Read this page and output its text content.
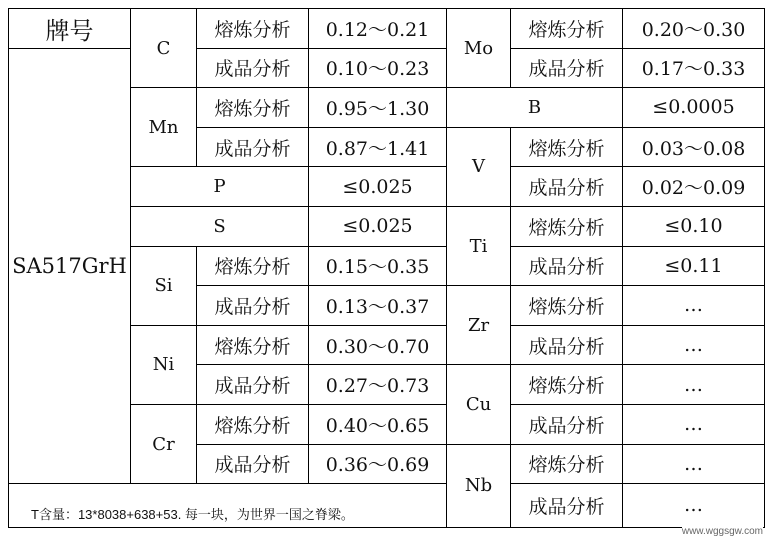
牌号	C	熔炼分析	0.12～0.21	Mo	熔炼分析	0.20～0.30
SA517GrH		成品分析	0.10～0.23		成品分析	0.17～0.33
	Mn	熔炼分析	0.95～1.30	B		≤0.0005
		成品分析	0.87～1.41	V	熔炼分析	0.03～0.08
	P		≤0.025		成品分析	0.02～0.09
	S		≤0.025	Ti	熔炼分析	≤0.10
	Si	熔炼分析	0.15～0.35		成品分析	≤0.11
		成品分析	0.13～0.37	Zr	熔炼分析	…
	Ni	熔炼分析	0.30～0.70		成品分析	…
		成品分析	0.27～0.73	Cu	熔炼分析	…
	Cr	熔炼分析	0.40～0.65		成品分析	…
		成品分析	0.36～0.69	Nb	熔炼分析	…
T含量：13*8038+638+53. 每一块，为世界一国之脊梁。					成品分析	…
www.wggsgw.com
